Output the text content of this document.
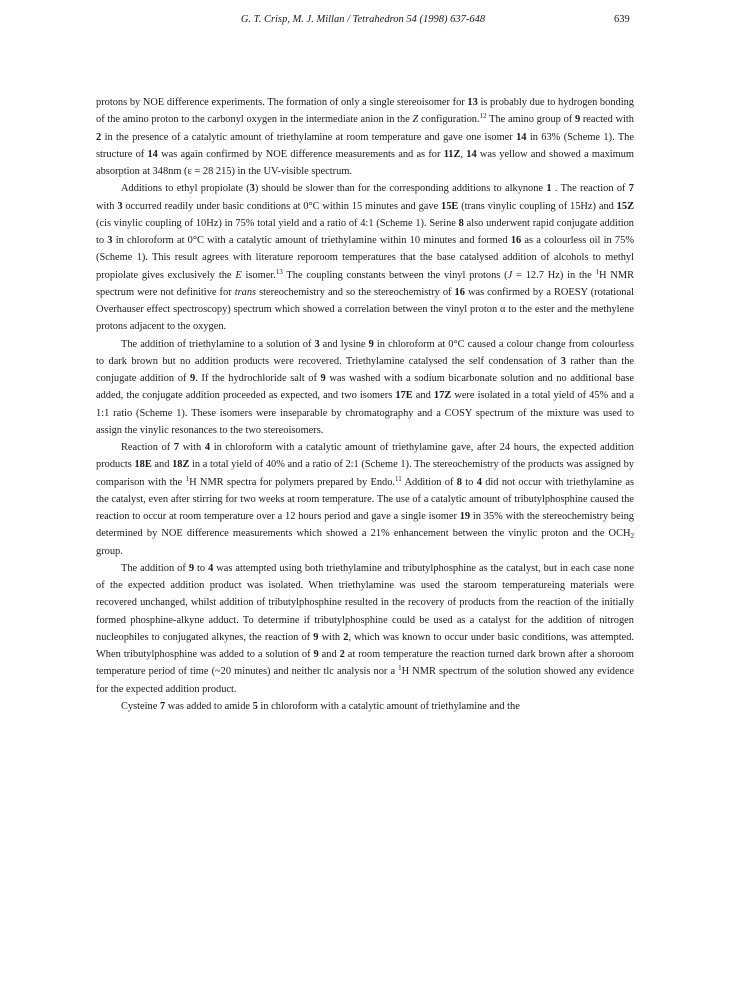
G. T. Crisp, M. J. Millan / Tetrahedron 54 (1998) 637-648	639

protons by NOE difference experiments. The formation of only a single stereoisomer for 13 is probably due to hydrogen bonding of the amino proton to the carbonyl oxygen in the intermediate anion in the Z configuration.$^{12}$ The amino group of 9 reacted with 2 in the presence of a catalytic amount of triethylamine at room temperature and gave one isomer 14 in 63% (Scheme 1). The structure of 14 was again confirmed by NOE difference measurements and as for 11Z, 14 was yellow and showed a maximum absorption at 348nm (ε = 28 215) in the UV-visible spectrum.

Additions to ethyl propiolate (3) should be slower than for the corresponding additions to alkynone 1 . The reaction of 7 with 3 occurred readily under basic conditions at 0°C within 15 minutes and gave 15E (trans vinylic coupling of 15Hz) and 15Z (cis vinylic coupling of 10Hz) in 75% total yield and a ratio of 4:1 (Scheme 1). Serine 8 also underwent rapid conjugate addition to 3 in chloroform at 0°C with a catalytic amount of triethylamine within 10 minutes and formed 16 as a colourless oil in 75% (Scheme 1). This result agrees with literature reporoom temperatures that the base catalysed addition of alcohols to methyl propiolate gives exclusively the E isomer.$^{13}$ The coupling constants between the vinyl protons (J = 12.7 Hz) in the $^1$H NMR spectrum were not definitive for trans stereochemistry and so the stereochemistry of 16 was confirmed by a ROESY (rotational Overhauser effect spectroscopy) spectrum which showed a correlation between the vinyl proton α to the ester and the methylene protons adjacent to the oxygen.

The addition of triethylamine to a solution of 3 and lysine 9 in chloroform at 0°C caused a colour change from colourless to dark brown but no addition products were recovered. Triethylamine catalysed the self condensation of 3 rather than the conjugate addition of 9. If the hydrochloride salt of 9 was washed with a sodium bicarbonate solution and no additional base added, the conjugate addition proceeded as expected, and two isomers 17E and 17Z were isolated in a total yield of 45% and a 1:1 ratio (Scheme 1). These isomers were inseparable by chromatography and a COSY spectrum of the mixture was used to assign the vinylic resonances to the two stereoisomers.

Reaction of 7 with 4 in chloroform with a catalytic amount of triethylamine gave, after 24 hours, the expected addition products 18E and 18Z in a total yield of 40% and a ratio of 2:1 (Scheme 1). The stereochemistry of the products was assigned by comparison with the $^1$H NMR spectra for polymers prepared by Endo.$^{11}$ Addition of 8 to 4 did not occur with triethylamine as the catalyst, even after stirring for two weeks at room temperature. The use of a catalytic amount of tributylphosphine caused the reaction to occur at room temperature over a 12 hours period and gave a single isomer 19 in 35% with the stereochemistry being determined by NOE difference measurements which showed a 21% enhancement between the vinylic proton and the $OCH_2$ group.

The addition of 9 to 4 was attempted using both triethylamine and tributylphosphine as the catalyst, but in each case none of the expected addition product was isolated. When triethylamine was used the staroom temperatureing materials were recovered unchanged, whilst addition of tributylphosphine resulted in the recovery of products from the reaction of the initially formed phosphine-alkyne adduct. To determine if tributylphosphine could be used as a catalyst for the addition of nitrogen nucleophiles to conjugated alkynes, the reaction of 9 with 2, which was known to occur under basic conditions, was attempted. When tributylphosphine was added to a solution of 9 and 2 at room temperature the reaction turned dark brown after a shoroom temperature period of time (~20 minutes) and neither tlc analysis nor a $^1$H NMR spectrum of the solution showed any evidence for the expected addition product.

Cysteine 7 was added to amide 5 in chloroform with a catalytic amount of triethylamine and the
